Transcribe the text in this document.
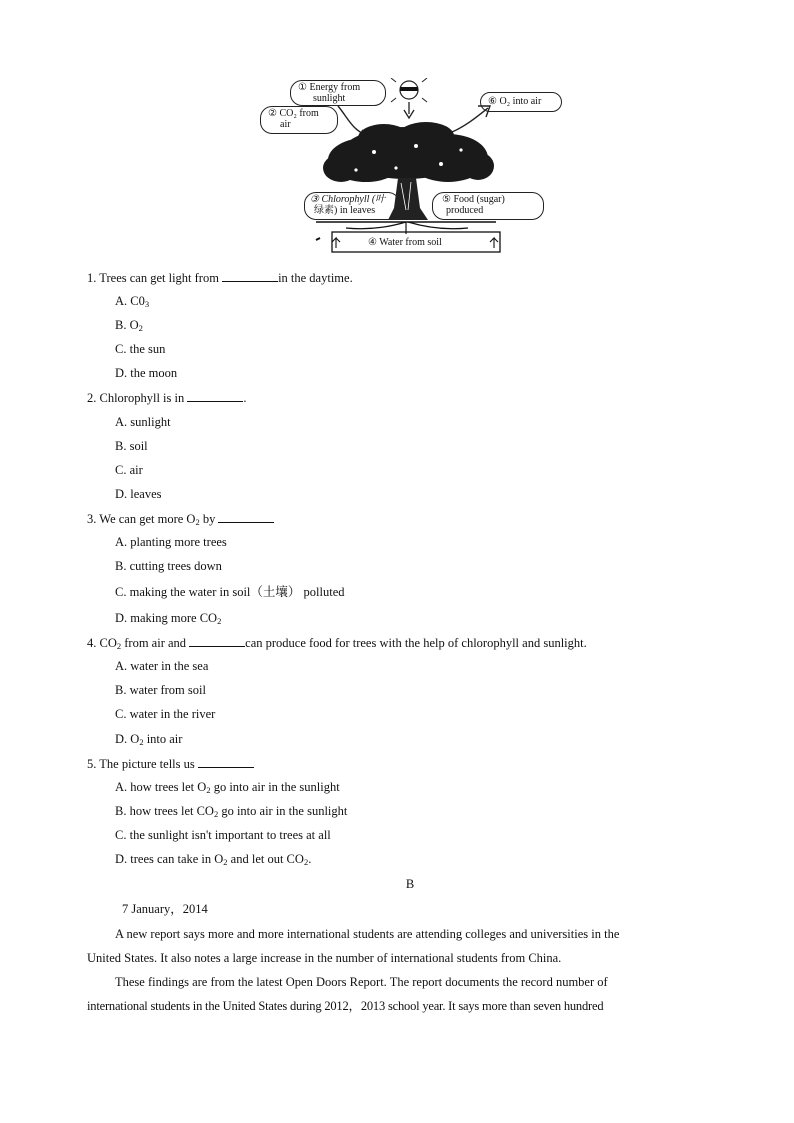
① Energy from
sunlight
② CO₂ from
air
⑥ O₂ into air
③ Chlorophyll (叶
绿素) in leaves
⑤ Food (sugar)
produced
④ Water from soil
1. Trees can get light from	in the daytime.
A. $C0_3$
B. $O_2$
C. the sun
D. the moon
2. Chlorophyll is in	.
A. sunlight
B. soil
C. air
D. leaves
3. We can get more $O_2$ by
A. planting more trees
B. cutting trees down
C. making the water in soil（土壤） polluted
D. making more $CO_2$
4. $CO_2$ from air and	can produce food for trees with the help of chlorophyll and sunlight.
A. water in the sea
B. water from soil
C. water in the river
D. $O_2$ into air
5. The picture tells us
A. how trees let $O_2$ go into air in the sunlight
B. how trees let $CO_2$ go into air in the sunlight
C. the sunlight isn't important to trees at all
D. trees can take in $O_2$ and let out $CO_2$.
B
7 January，2014
A new report says more and more international students are attending colleges and universities in the
United States. It also notes a large increase in the number of international students from China.
These findings are from the latest Open Doors Report. The report documents the record number of
international students in the United States during 2012，2013 school year. It says more than seven hundred
